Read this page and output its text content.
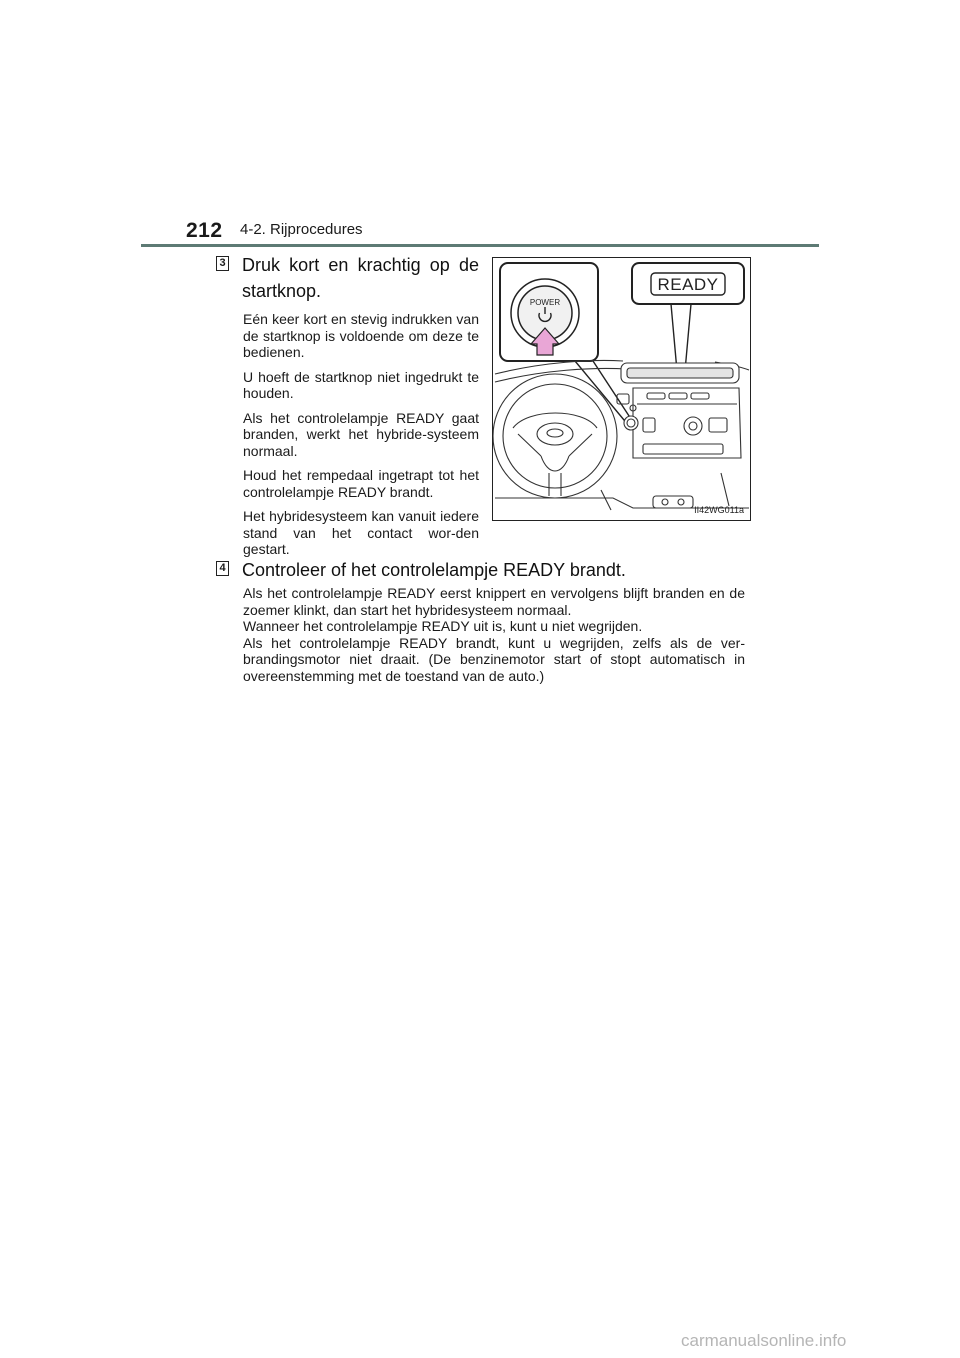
212 4-2. Rijprocedures
3 Druk kort en krachtig op de
startknop.

Eén keer kort en stevig indrukken van de startknop is voldoende om deze te bedienen.

U hoeft de startknop niet ingedrukt te houden.

Als het controlelampje READY gaat branden, werkt het hybride-systeem normaal.

Houd het rempedaal ingetrapt tot het controlelampje READY brandt.

Het hybridesysteem kan vanuit iedere stand van het contact wor-den gestart.

POWER
READY
II42WG011a
4 Controleer of het controlelampje READY brandt.

Als het controlelampje READY eerst knippert en vervolgens blijft branden en de zoemer klinkt, dan start het hybridesysteem normaal.

Wanneer het controlelampje READY uit is, kunt u niet wegrijden.

Als het controlelampje READY brandt, kunt u wegrijden, zelfs als de ver-brandingsmotor niet draait. (De benzinemotor start of stopt automatisch in overeenstemming met de toestand van de auto.)

carmanualsonline.info
